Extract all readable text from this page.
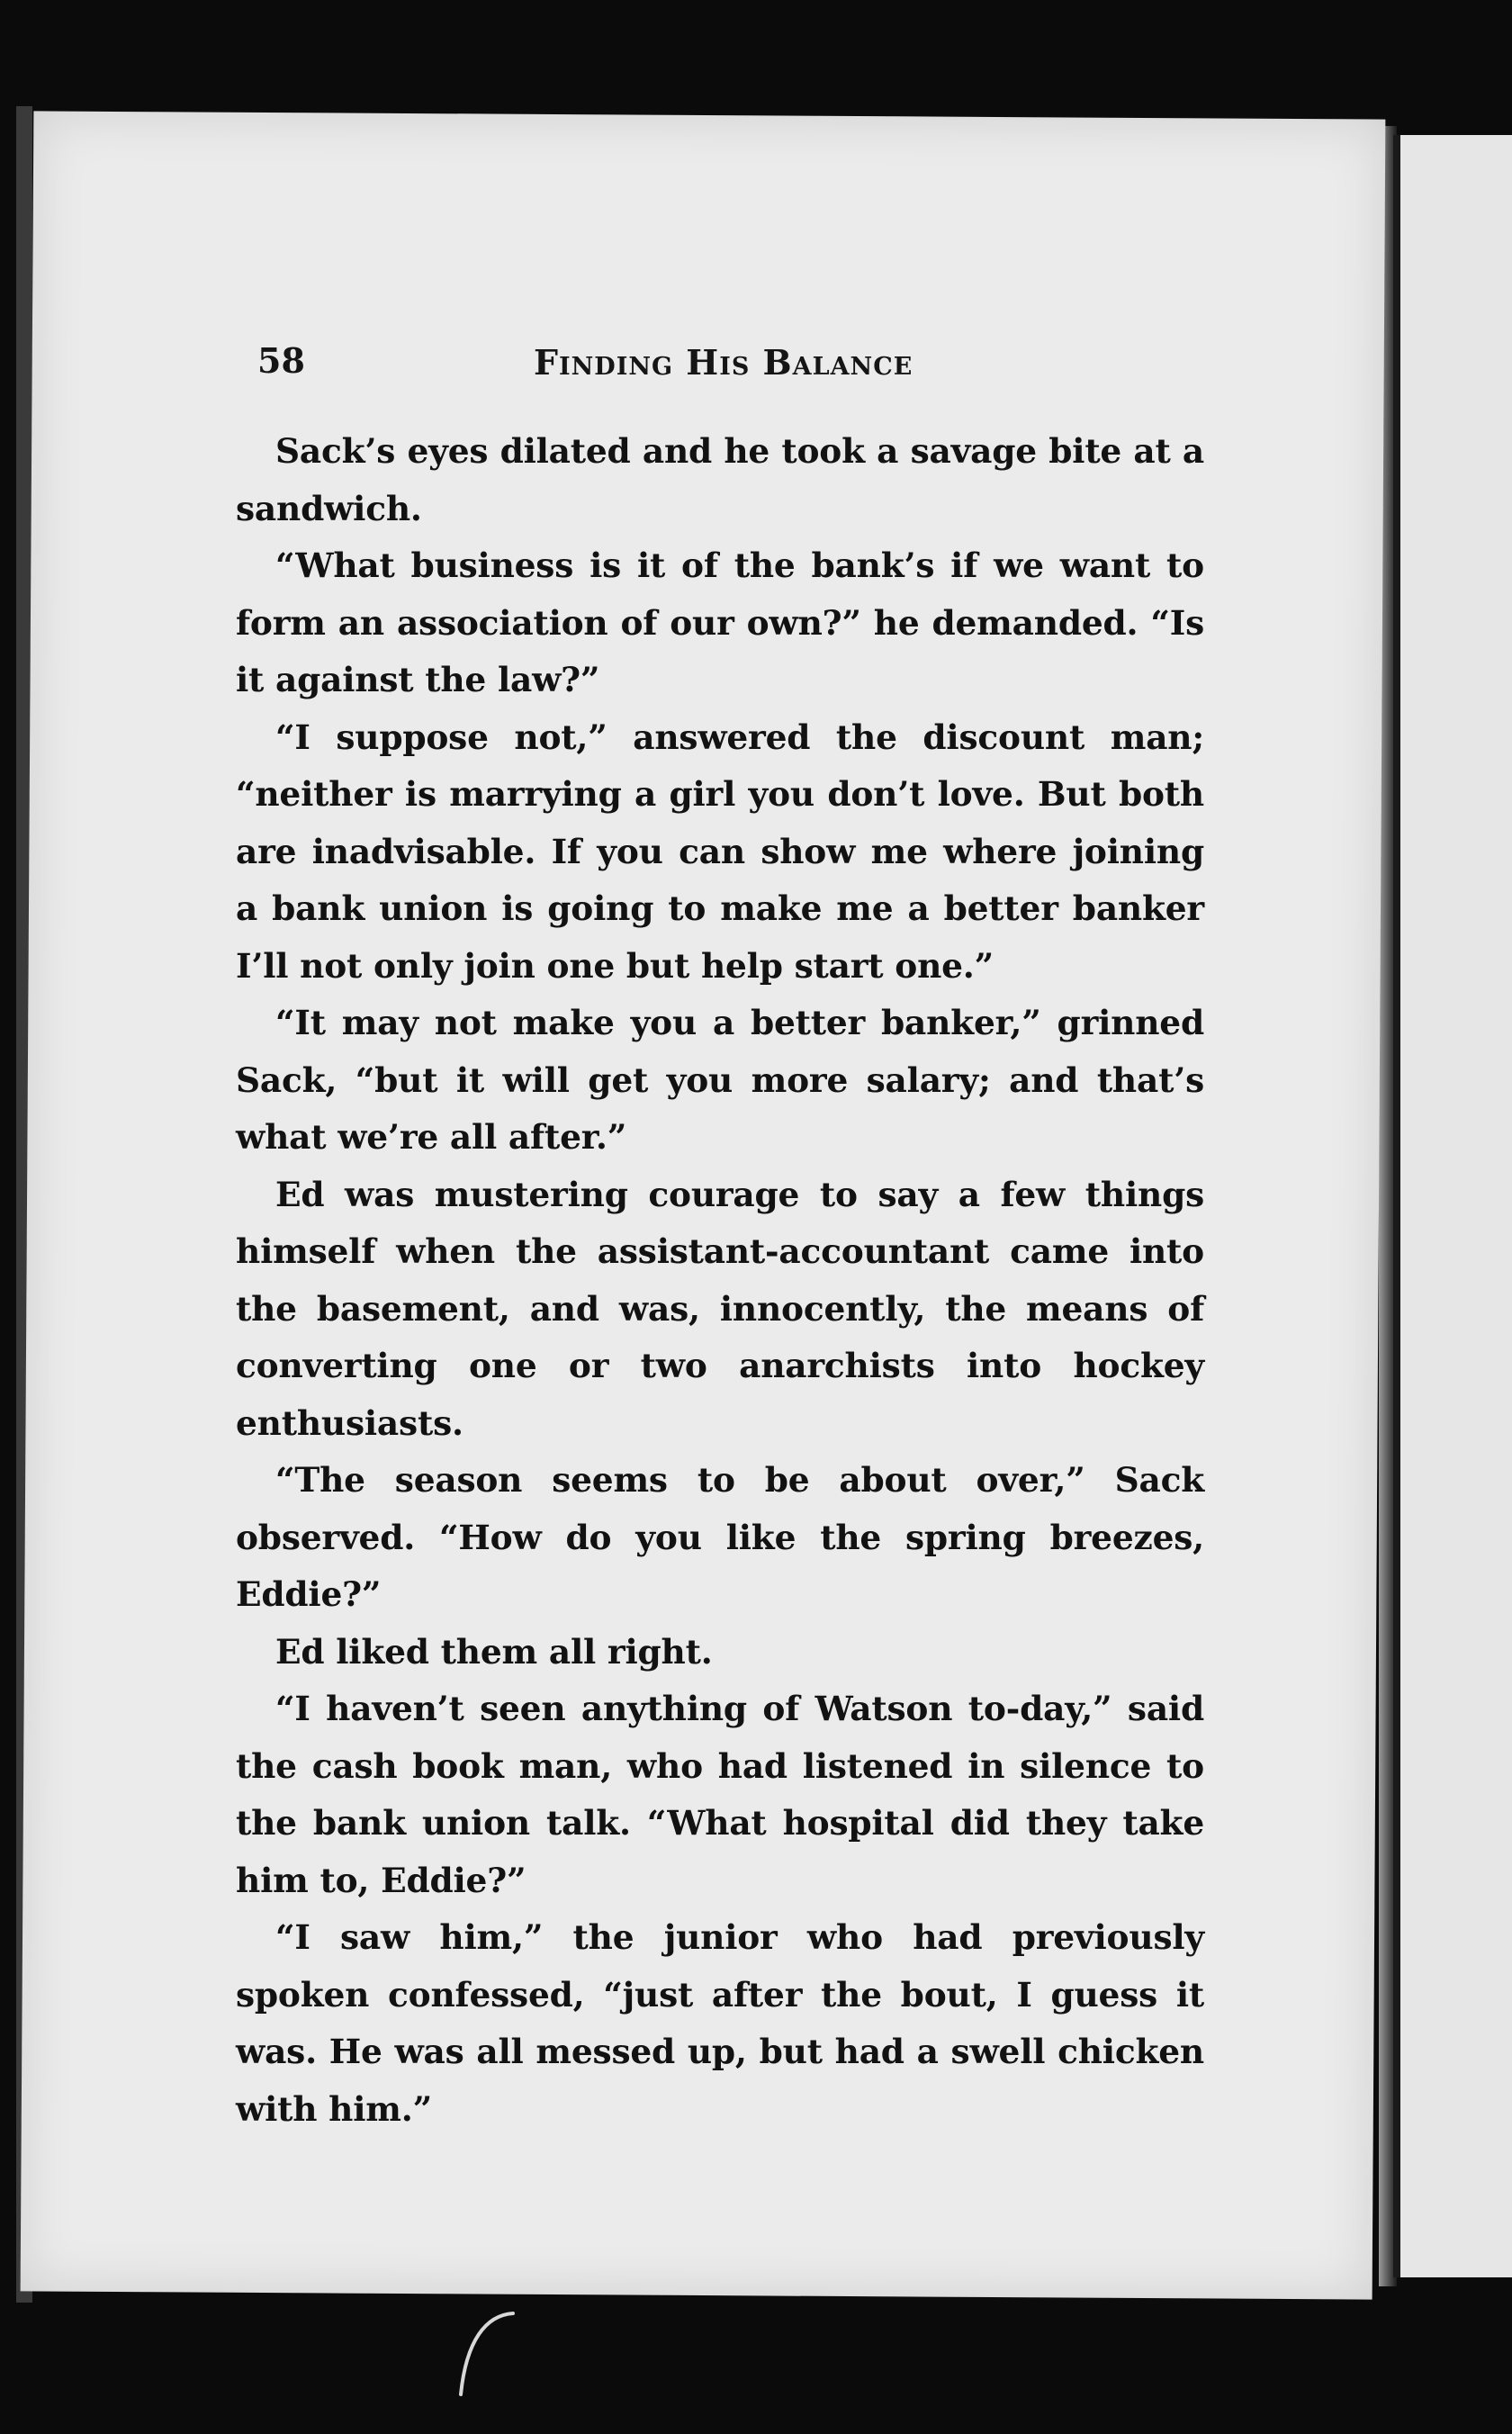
58	Finding His Balance

Sack’s eyes dilated and he took a savage bite at a sandwich.

“What business is it of the bank’s if we want to form an association of our own?” he demanded. “Is it against the law?”

“I suppose not,” answered the discount man; “neither is marrying a girl you don’t love. But both are inadvisable. If you can show me where joining a bank union is going to make me a better banker I’ll not only join one but help start one.”

“It may not make you a better banker,” grinned Sack, “but it will get you more salary; and that’s what we’re all after.”

Ed was mustering courage to say a few things himself when the assistant-accountant came into the basement, and was, innocently, the means of converting one or two anarchists into hockey enthusiasts.

“The season seems to be about over,” Sack observed. “How do you like the spring breezes, Eddie?”

Ed liked them all right.

“I haven’t seen anything of Watson to-day,” said the cash book man, who had listened in silence to the bank union talk. “What hospital did they take him to, Eddie?”

“I saw him,” the junior who had previously spoken confessed, “just after the bout, I guess it was. He was all messed up, but had a swell chicken with him.”
